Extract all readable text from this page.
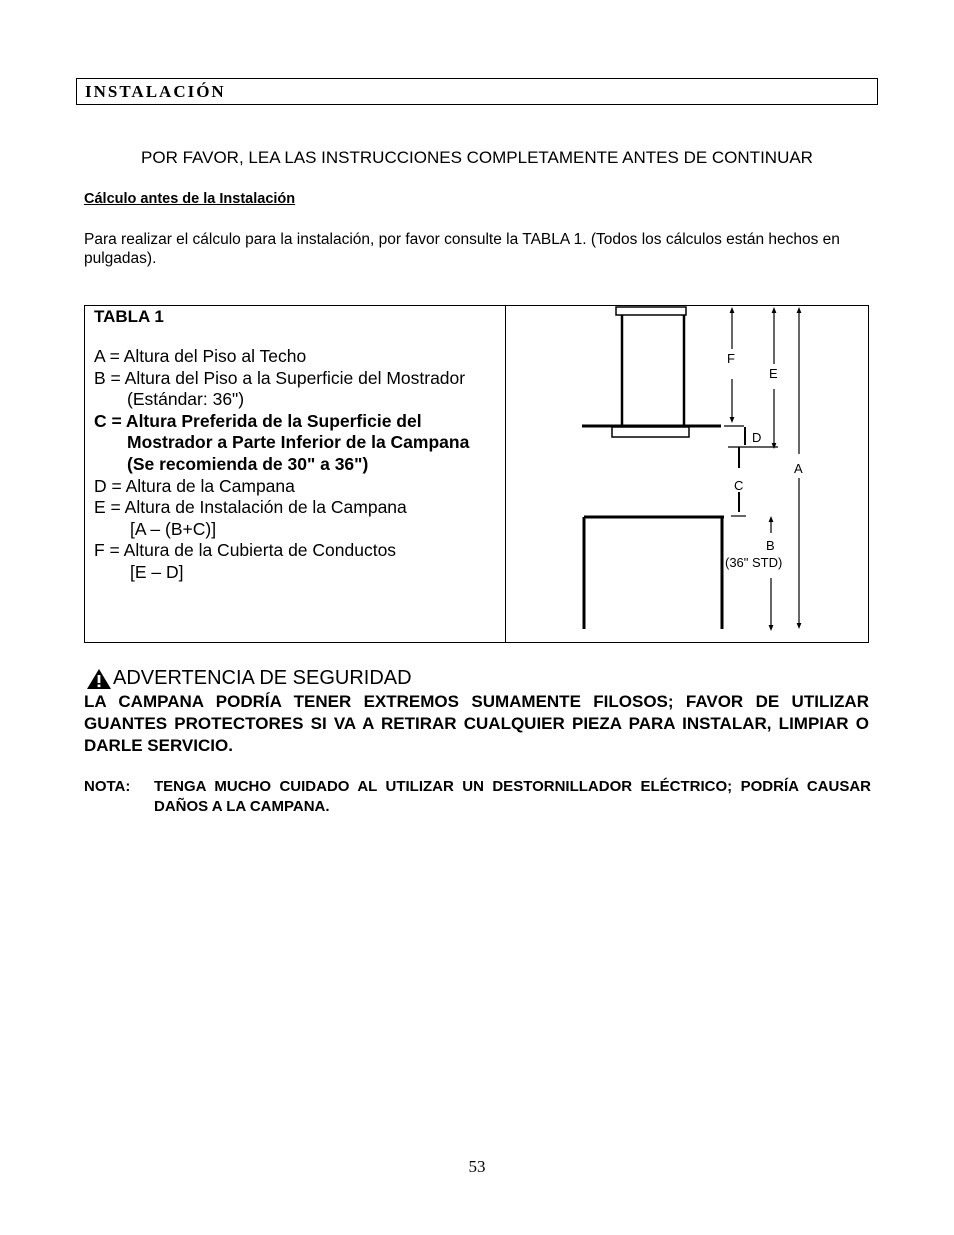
INSTALACIÓN
POR FAVOR, LEA LAS INSTRUCCIONES COMPLETAMENTE ANTES DE CONTINUAR
Cálculo antes de la Instalación
Para realizar el cálculo para la instalación, por favor consulte la TABLA 1. (Todos los cálculos están hechos en pulgadas).
TABLA 1
A = Altura del Piso al Techo
B = Altura del Piso a la Superficie del Mostrador
(Estándar: 36")
C = Altura Preferida de la Superficie del
Mostrador a Parte Inferior de la Campana
(Se recomienda de 30" a 36")
D = Altura de la Campana
E = Altura de Instalación de la Campana
[A – (B+C)]
F = Altura de la Cubierta de Conductos
[E – D]
F
E
D
C
A
B
(36" STD)
ADVERTENCIA DE SEGURIDAD
LA CAMPANA PODRÍA TENER EXTREMOS SUMAMENTE FILOSOS; FAVOR DE UTILIZAR GUANTES PROTECTORES SI VA A RETIRAR CUALQUIER PIEZA PARA INSTALAR, LIMPIAR O DARLE SERVICIO.
NOTA: TENGA MUCHO CUIDADO AL UTILIZAR UN DESTORNILLADOR ELÉCTRICO; PODRÍA CAUSAR DAÑOS A LA CAMPANA.
53
